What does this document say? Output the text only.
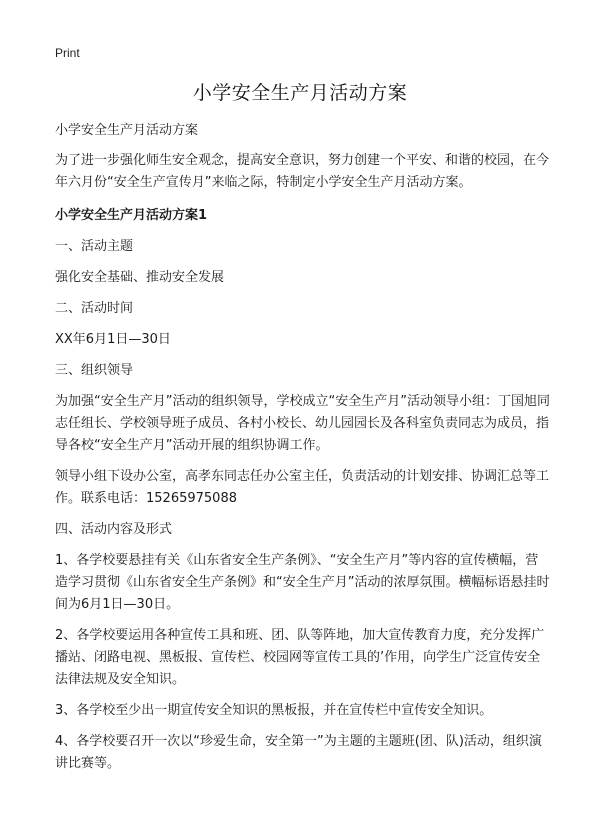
Print
小学安全生产月活动方案

小学安全生产月活动方案

为了进一步强化师生安全观念，提高安全意识，努力创建一个平安、和谐的校园，在今年六月份“安全生产宣传月”来临之际，特制定小学安全生产月活动方案。

小学安全生产月活动方案1

一、活动主题

强化安全基础、推动安全发展

二、活动时间

XX年6月1日—30日

三、组织领导

为加强“安全生产月”活动的组织领导，学校成立“安全生产月”活动领导小组：丁国旭同志任组长、学校领导班子成员、各村小校长、幼儿园园长及各科室负责同志为成员，指导各校“安全生产月”活动开展的组织协调工作。

领导小组下设办公室，高孝东同志任办公室主任，负责活动的计划安排、协调汇总等工作。联系电话：15265975088

四、活动内容及形式

1、各学校要悬挂有关《山东省安全生产条例》、“安全生产月”等内容的宣传横幅，营造学习贯彻《山东省安全生产条例》和“安全生产月”活动的浓厚氛围。横幅标语悬挂时间为6月1日—30日。

2、各学校要运用各种宣传工具和班、团、队等阵地，加大宣传教育力度，充分发挥广播站、闭路电视、黑板报、宣传栏、校园网等宣传工具的’作用，向学生广泛宣传安全法律法规及安全知识。

3、各学校至少出一期宣传安全知识的黑板报，并在宣传栏中宣传安全知识。

4、各学校要召开一次以“珍爱生命，安全第一”为主题的主题班(团、队)活动，组织演讲比赛等。
